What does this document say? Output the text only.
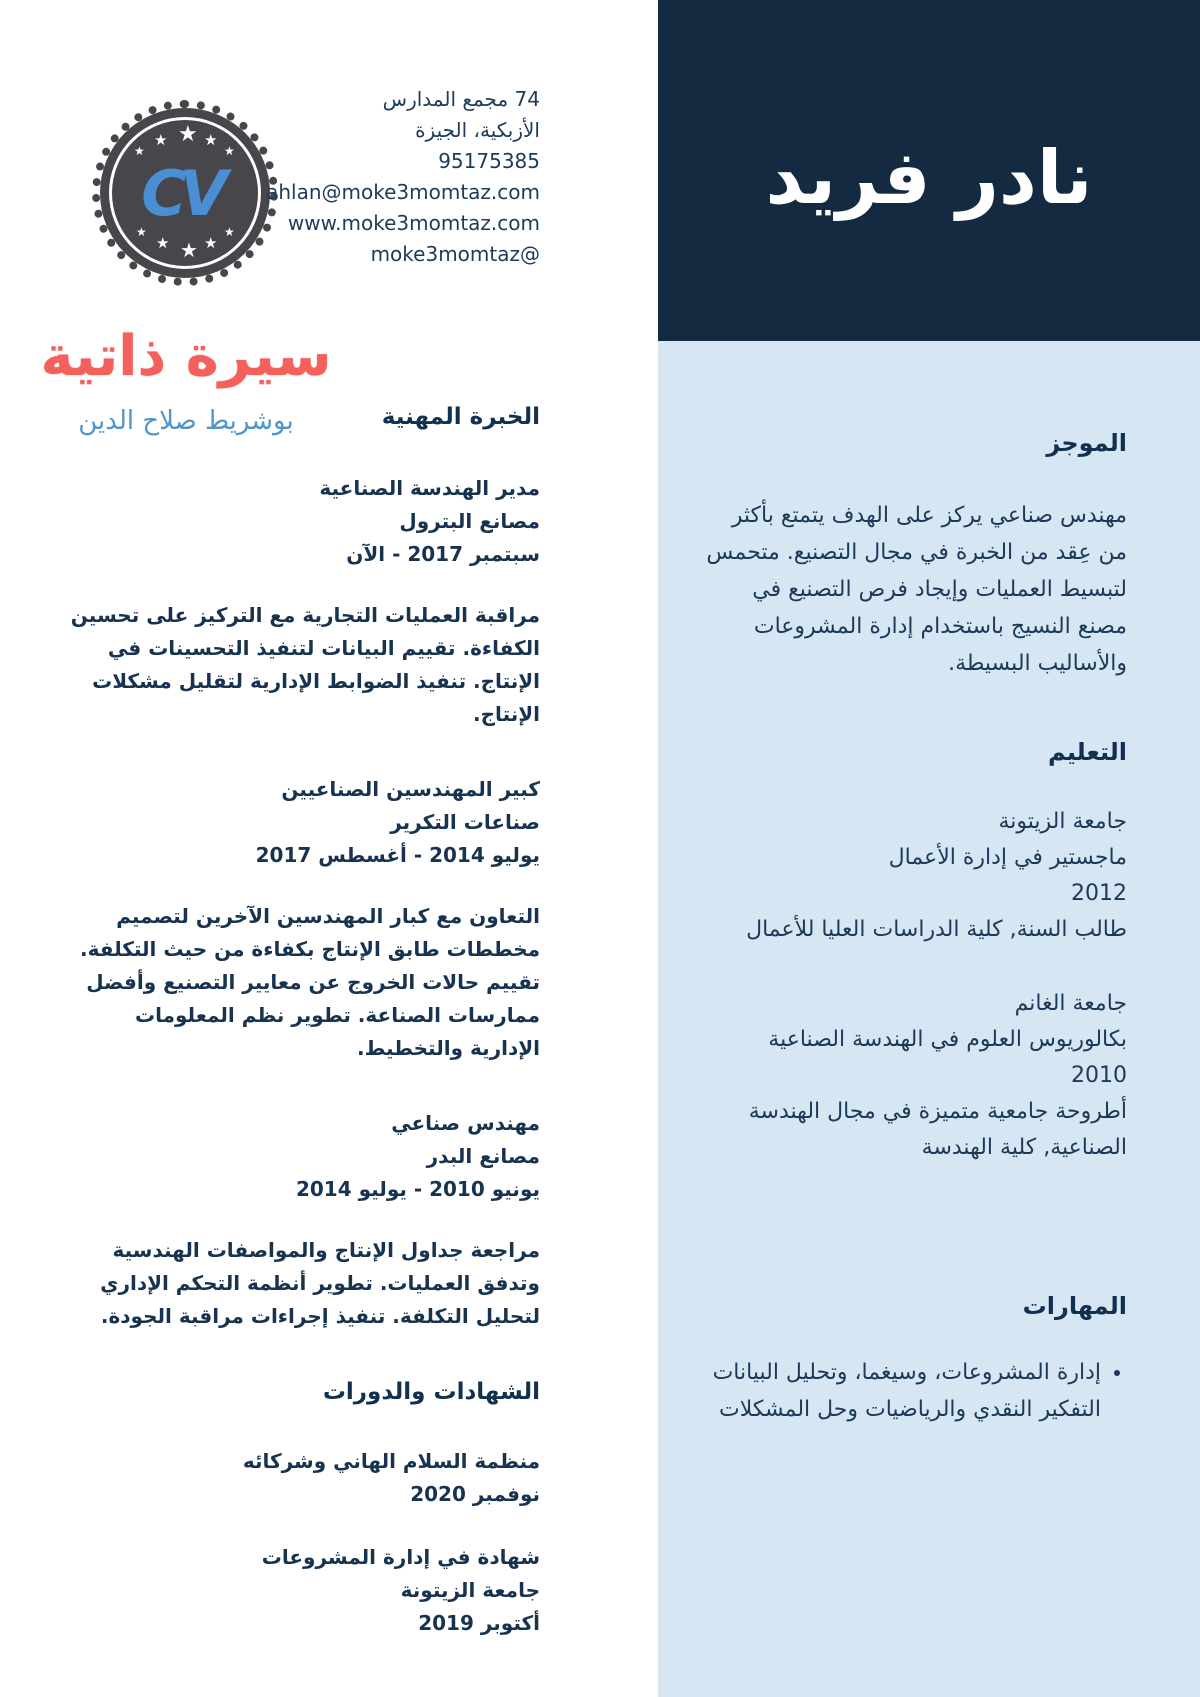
★
★ ★
★	★
★
★ ★
★	★
CV
74 مجمع المدارس
الأزبكية، الجيزة
95175385
ahlan@moke3momtaz.com
www.moke3momtaz.com
moke3momtaz@
سيرة ذاتية
بوشريط صلاح الدين	الخبرة المهنية
مدير الهندسة الصناعية
مصانع البترول
سبتمبر 2017 - الآن
مراقبة العمليات التجارية مع التركيز على تحسين الكفاءة. تقييم البيانات لتنفيذ التحسينات في الإنتاج. تنفيذ الضوابط الإدارية لتقليل مشكلات الإنتاج.
كبير المهندسين الصناعيين
صناعات التكرير
يوليو 2014 - أغسطس 2017
التعاون مع كبار المهندسين الآخرين لتصميم مخططات طابق الإنتاج بكفاءة من حيث التكلفة. تقييم حالات الخروج عن معايير التصنيع وأفضل ممارسات الصناعة. تطوير نظم المعلومات الإدارية والتخطيط.
مهندس صناعي
مصانع البدر
يونيو 2010 - يوليو 2014
مراجعة جداول الإنتاج والمواصفات الهندسية وتدفق العمليات. تطوير أنظمة التحكم الإداري لتحليل التكلفة. تنفيذ إجراءات مراقبة الجودة.
الشهادات والدورات
منظمة السلام الهاني وشركائه
نوفمبر 2020
شهادة في إدارة المشروعات
جامعة الزيتونة
أكتوبر 2019
نادر فريد
الموجز
مهندس صناعي يركز على الهدف يتمتع بأكثر من عِقد من الخبرة في مجال التصنيع. متحمس لتبسيط العمليات وإيجاد فرص التصنيع في مصنع النسيج باستخدام إدارة المشروعات والأساليب البسيطة.
التعليم
جامعة الزيتونة
ماجستير في إدارة الأعمال
2012
طالب السنة, كلية الدراسات العليا للأعمال
جامعة الغانم
بكالوريوس العلوم في الهندسة الصناعية
2010
أطروحة جامعية متميزة في مجال الهندسة الصناعية, كلية الهندسة
المهارات
• إدارة المشروعات، وسيغما، وتحليل البيانات التفكير النقدي والرياضيات وحل المشكلات
